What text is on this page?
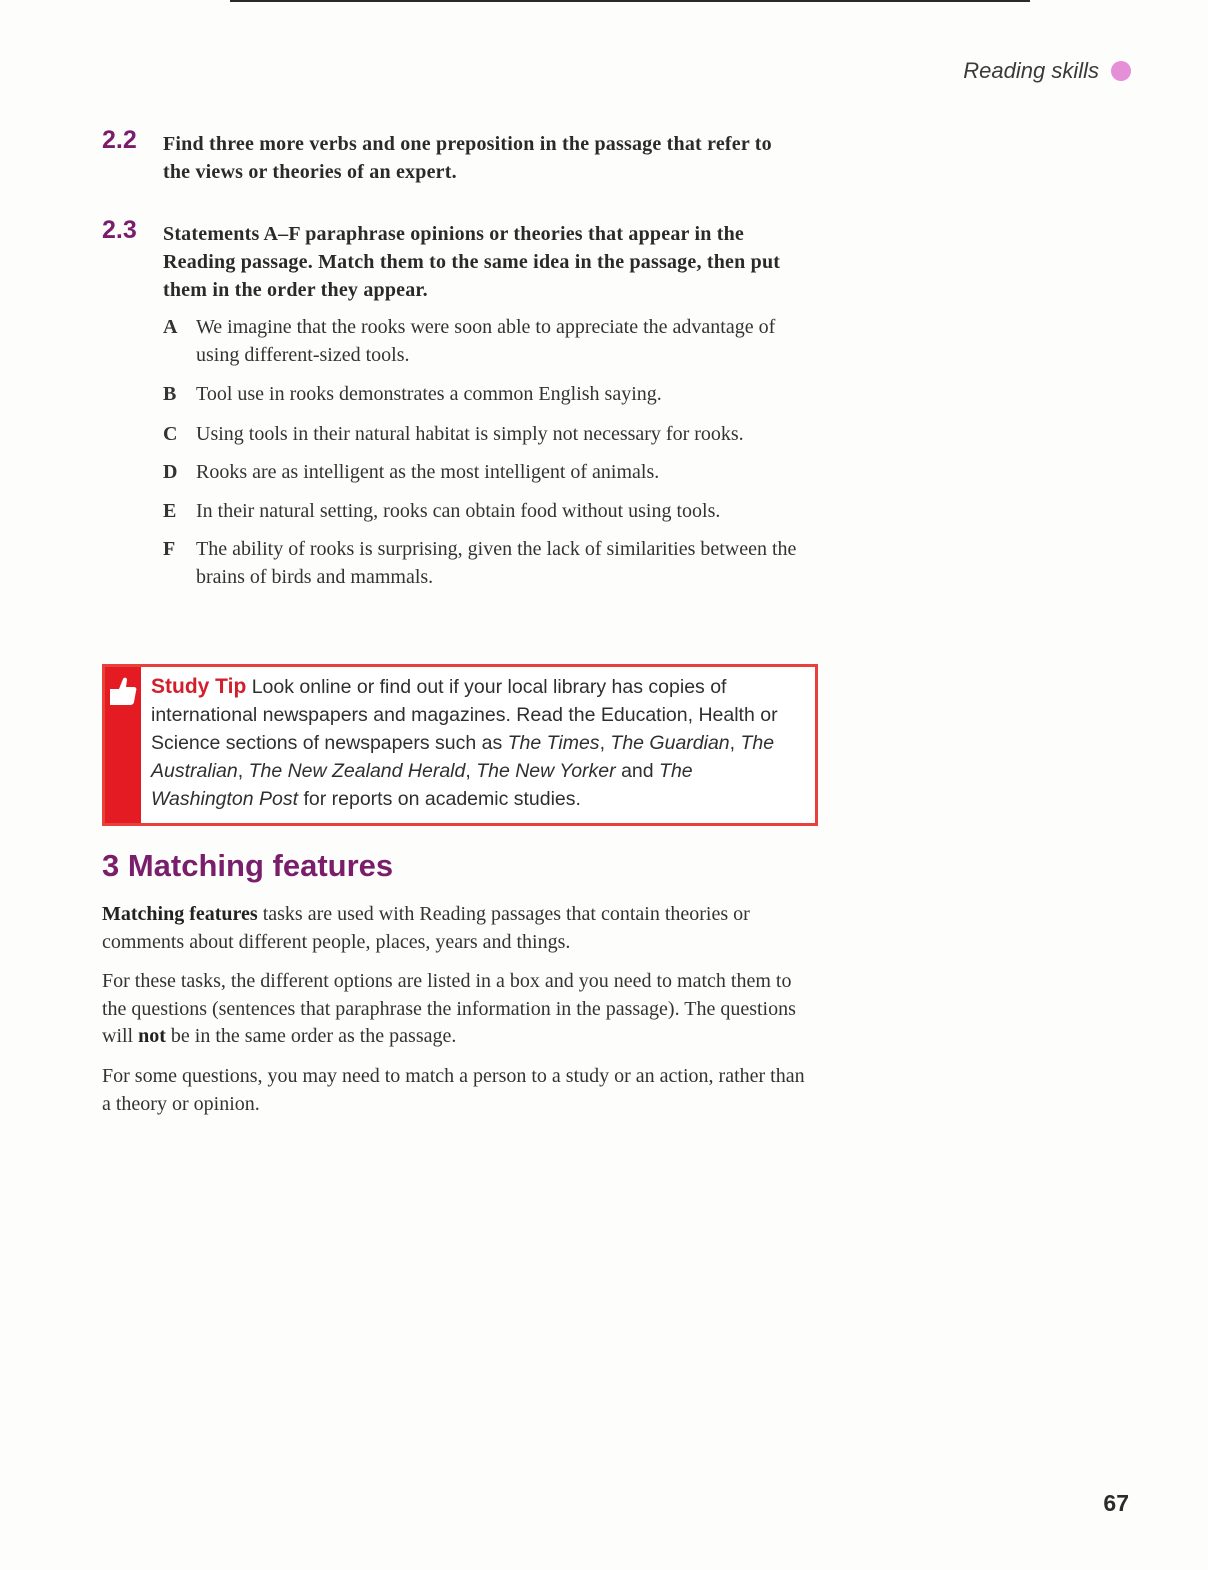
Reading skills
2.2 Find three more verbs and one preposition in the passage that refer to the views or theories of an expert.
2.3 Statements A–F paraphrase opinions or theories that appear in the Reading passage. Match them to the same idea in the passage, then put them in the order they appear.
A We imagine that the rooks were soon able to appreciate the advantage of using different-sized tools.
B Tool use in rooks demonstrates a common English saying.
C Using tools in their natural habitat is simply not necessary for rooks.
D Rooks are as intelligent as the most intelligent of animals.
E In their natural setting, rooks can obtain food without using tools.
F	The ability of rooks is surprising, given the lack of similarities between the brains of birds and mammals.
Study Tip Look online or find out if your local library has copies of international newspapers and magazines. Read the Education, Health or Science sections of newspapers such as The Times, The Guardian, The Australian, The New Zealand Herald, The New Yorker and The Washington Post for reports on academic studies.
3 Matching features

Matching features tasks are used with Reading passages that contain theories or comments about different people, places, years and things.

For these tasks, the different options are listed in a box and you need to match them to the questions (sentences that paraphrase the information in the passage). The questions will not be in the same order as the passage.

For some questions, you may need to match a person to a study or an action, rather than a theory or opinion.

67
